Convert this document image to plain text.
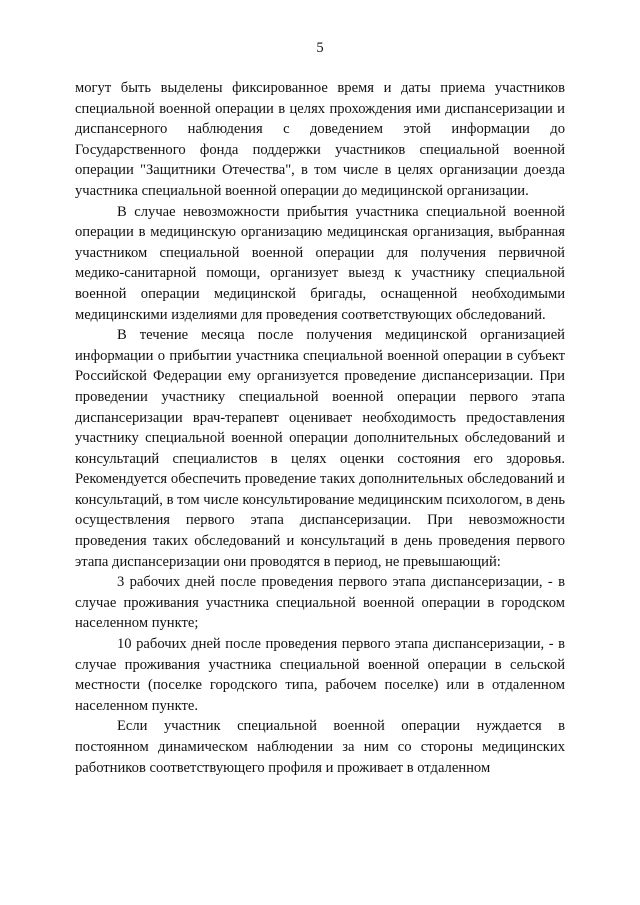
5

могут быть выделены фиксированное время и даты приема участников специальной военной операции в целях прохождения ими диспансеризации и диспансерного наблюдения с доведением этой информации до Государственного фонда поддержки участников специальной военной операции "Защитники Отечества", в том числе в целях организации доезда участника специальной военной операции до медицинской организации.

В случае невозможности прибытия участника специальной военной операции в медицинскую организацию медицинская организация, выбранная участником специальной военной операции для получения первичной медико-санитарной помощи, организует выезд к участнику специальной военной операции медицинской бригады, оснащенной необходимыми медицинскими изделиями для проведения соответствующих обследований.

В течение месяца после получения медицинской организацией информации о прибытии участника специальной военной операции в субъект Российской Федерации ему организуется проведение диспансеризации. При проведении участнику специальной военной операции первого этапа диспансеризации врач-терапевт оценивает необходимость предоставления участнику специальной военной операции дополнительных обследований и консультаций специалистов в целях оценки состояния его здоровья. Рекомендуется обеспечить проведение таких дополнительных обследований и консультаций, в том числе консультирование медицинским психологом, в день осуществления первого этапа диспансеризации. При невозможности проведения таких обследований и консультаций в день проведения первого этапа диспансеризации они проводятся в период, не превышающий:

3 рабочих дней после проведения первого этапа диспансеризации, - в случае проживания участника специальной военной операции в городском населенном пункте;

10 рабочих дней после проведения первого этапа диспансеризации, - в случае проживания участника специальной военной операции в сельской местности (поселке городского типа, рабочем поселке) или в отдаленном населенном пункте.

Если участник специальной военной операции нуждается в постоянном динамическом наблюдении за ним со стороны медицинских работников соответствующего профиля и проживает в отдаленном
